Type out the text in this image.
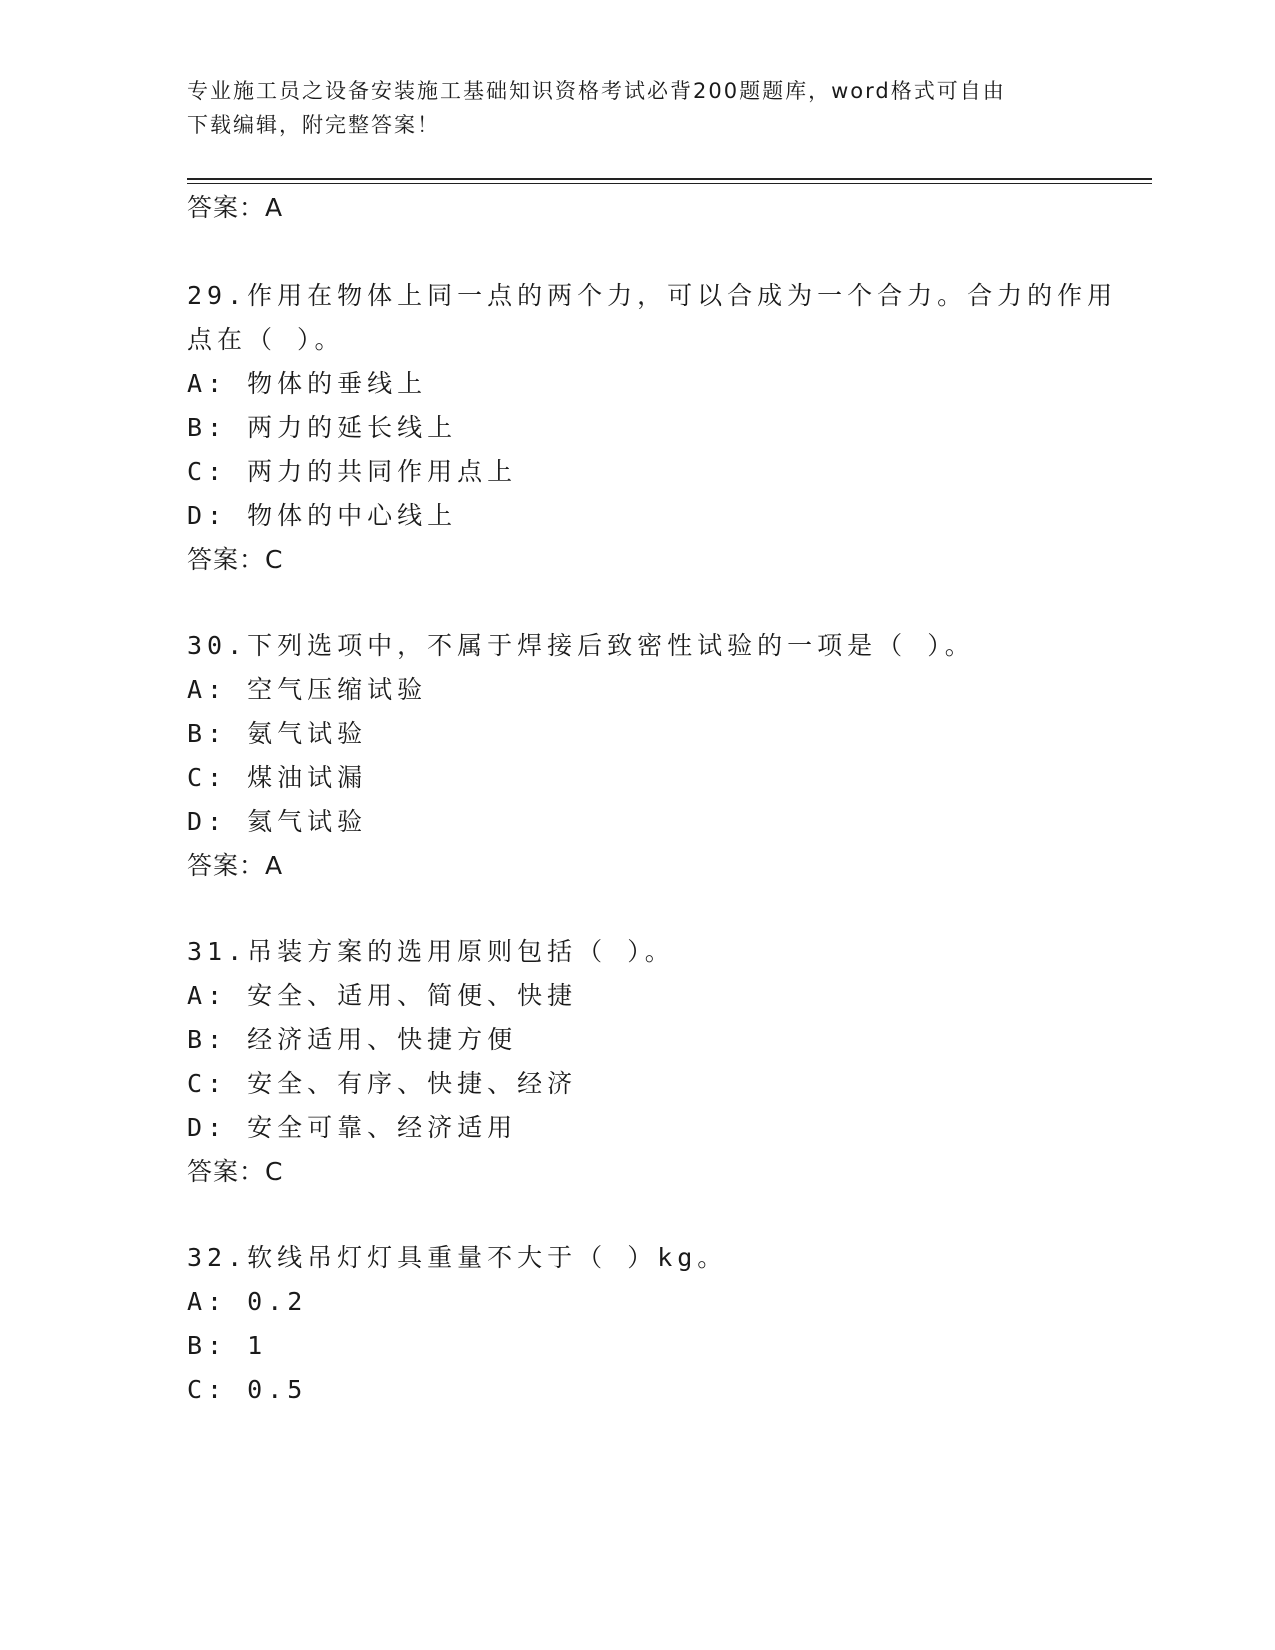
专业施工员之设备安装施工基础知识资格考试必背200题题库，word格式可自由
下载编辑，附完整答案！
答案：A
29.作用在物体上同一点的两个力，可以合成为一个合力。合力的作用
点在（ ）。
A: 物体的垂线上
B: 两力的延长线上
C: 两力的共同作用点上
D: 物体的中心线上
答案：C
30.下列选项中，不属于焊接后致密性试验的一项是（ ）。
A: 空气压缩试验
B: 氨气试验
C: 煤油试漏
D: 氦气试验
答案：A
31.吊装方案的选用原则包括（ ）。
A: 安全、适用、简便、快捷
B: 经济适用、快捷方便
C: 安全、有序、快捷、经济
D: 安全可靠、经济适用
答案：C
32.软线吊灯灯具重量不大于（ ）kg。
A: 0.2
B: 1
C: 0.5
